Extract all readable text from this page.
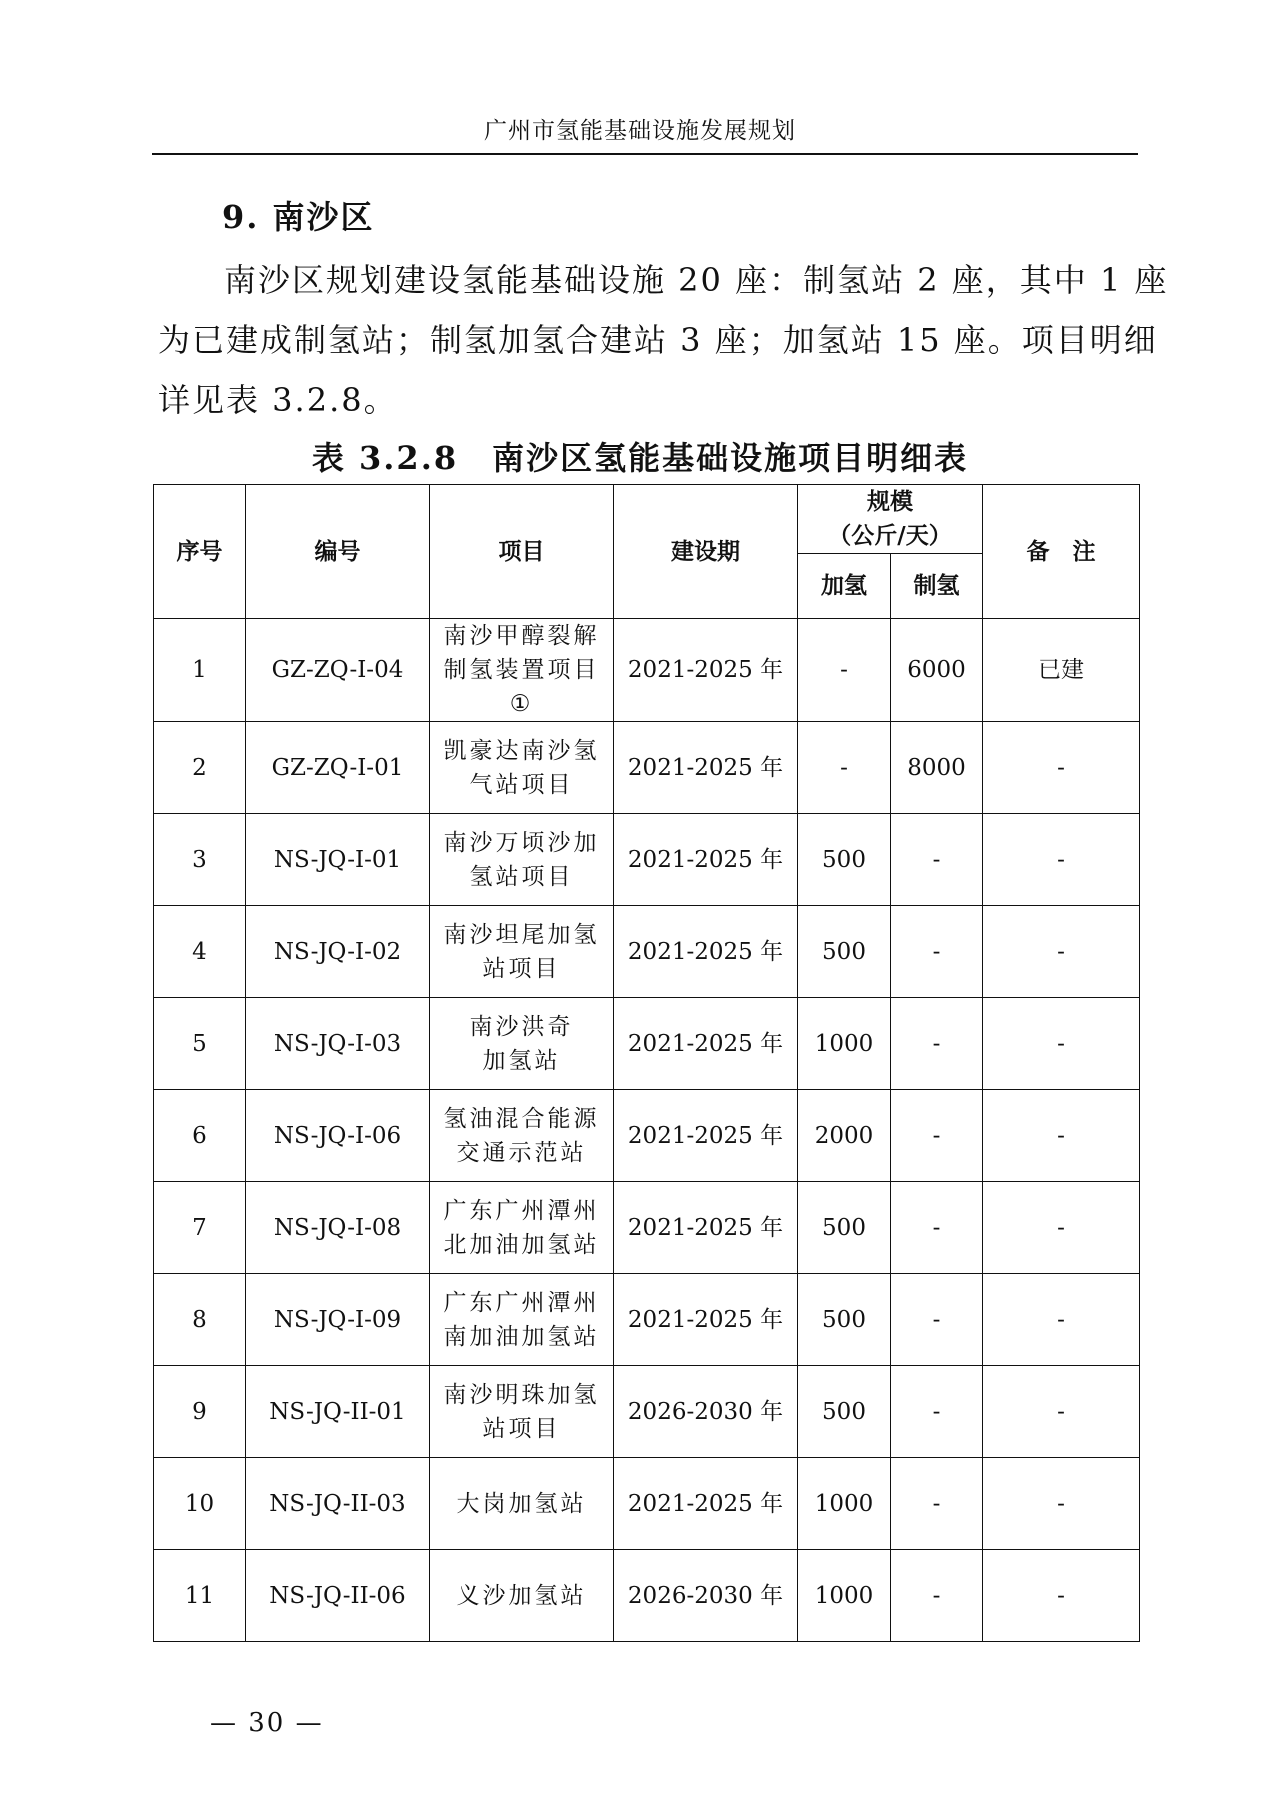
广州市氢能基础设施发展规划
9. 南沙区

南沙区规划建设氢能基础设施 20 座：制氢站 2 座，其中 1 座

为已建成制氢站；制氢加氢合建站 3 座；加氢站 15 座。项目明细

详见表 3.2.8。

表 3.2.8　南沙区氢能基础设施项目明细表
序号	编号	项目	建设期	规模
（公斤/天）		备　注
				加氢	制氢	
1	GZ-ZQ-I-04	南沙甲醇裂解
制氢装置项目
①	2021-2025 年	-	6000	已建
2	GZ-ZQ-I-01	凯豪达南沙氢
气站项目	2021-2025 年	-	8000	-
3	NS-JQ-I-01	南沙万顷沙加
氢站项目	2021-2025 年	500	-	-
4	NS-JQ-I-02	南沙坦尾加氢
站项目	2021-2025 年	500	-	-
5	NS-JQ-I-03	南沙洪奇
加氢站	2021-2025 年	1000	-	-
6	NS-JQ-I-06	氢油混合能源
交通示范站	2021-2025 年	2000	-	-
7	NS-JQ-I-08	广东广州潭州
北加油加氢站	2021-2025 年	500	-	-
8	NS-JQ-I-09	广东广州潭州
南加油加氢站	2021-2025 年	500	-	-
9	NS-JQ-II-01	南沙明珠加氢
站项目	2026-2030 年	500	-	-
10	NS-JQ-II-03	大岗加氢站	2021-2025 年	1000	-	-
11	NS-JQ-II-06	义沙加氢站	2026-2030 年	1000	-	-
— 30 —
